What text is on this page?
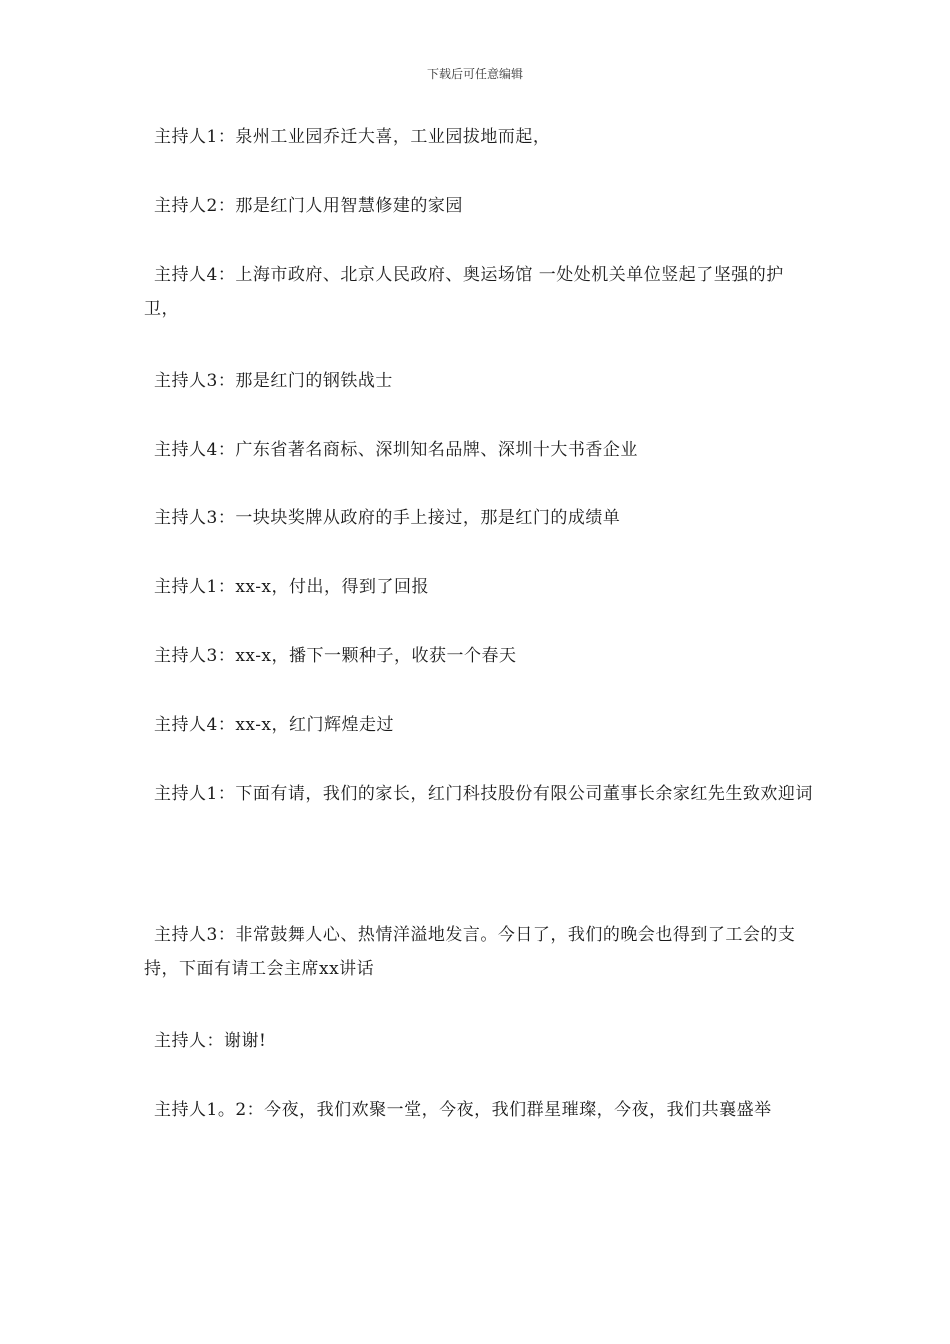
下载后可任意编辑

主持人1：泉州工业园乔迁大喜，工业园拔地而起，

主持人2：那是红门人用智慧修建的家园

主持人4：上海市政府、北京人民政府、奥运场馆 一处处机关单位竖起了坚强的护卫，

主持人3：那是红门的钢铁战士

主持人4：广东省著名商标、深圳知名品牌、深圳十大书香企业

主持人3：一块块奖牌从政府的手上接过，那是红门的成绩单

主持人1：xx-x，付出，得到了回报

主持人3：xx-x，播下一颗种子，收获一个春天

主持人4：xx-x，红门辉煌走过

主持人1：下面有请，我们的家长，红门科技股份有限公司董事长余家红先生致欢迎词

主持人3：非常鼓舞人心、热情洋溢地发言。今日了，我们的晚会也得到了工会的支持，下面有请工会主席xx讲话

主持人：谢谢!

主持人1。2：今夜，我们欢聚一堂，今夜，我们群星璀璨，今夜，我们共襄盛举
